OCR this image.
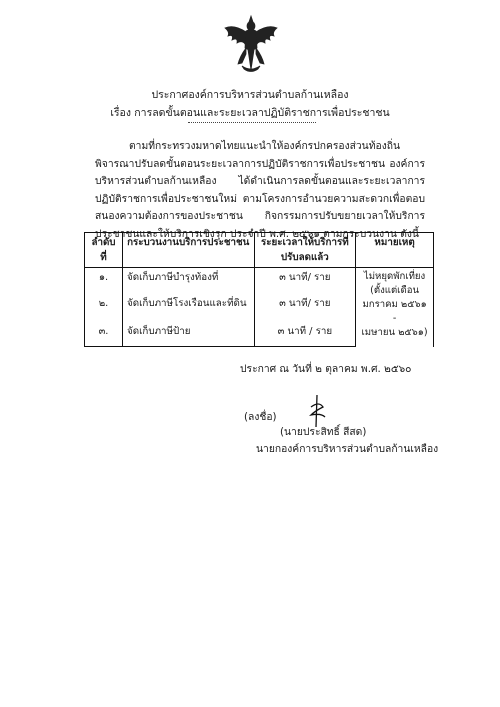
ประกาศองค์การบริหารส่วนตำบลก้านเหลือง
เรื่อง การลดขั้นตอนและระยะเวลาปฏิบัติราชการเพื่อประชาชน
ตามที่กระทรวงมหาดไทยแนะนำให้องค์กรปกครองส่วนท้องถิ่น พิจารณาปรับลดขั้นตอนระยะเวลาการปฏิบัติราชการเพื่อประชาชน องค์การบริหารส่วนตำบลก้านเหลือง ได้ดำเนินการลดขั้นตอนและระยะเวลาการปฏิบัติราชการเพื่อประชาชนใหม่ ตามโครงการอำนวยความสะดวกเพื่อตอบสนองความต้องการของประชาชน กิจกรรมการปรับขยายเวลาให้บริการประชาชนและให้บริการเชิงรุก ประจำปี พ.ศ. ๒๕๖๑ ตามกระบวนงาน ดังนี้
ลำดับที่	กระบวนงานบริการประชาชน	ระยะเวลาให้บริการที่ปรับลดแล้ว	หมายเหตุ
๑.	จัดเก็บภาษีบำรุงท้องที่	๓ นาที/ ราย	ไม่หยุดพักเที่ยง
(ตั้งแต่เดือน
มกราคม ๒๕๖๑ -
เมษายน ๒๕๖๑)

๒.	จัดเก็บภาษีโรงเรือนและที่ดิน	๓ นาที/ ราย	
๓.	จัดเก็บภาษีป้าย	๓ นาที / ราย	
ประกาศ ณ วันที่ ๒ ตุลาคม พ.ศ. ๒๕๖๐
(ลงชื่อ)
(นายประสิทธิ์ สีสด)
นายกองค์การบริหารส่วนตำบลก้านเหลือง
